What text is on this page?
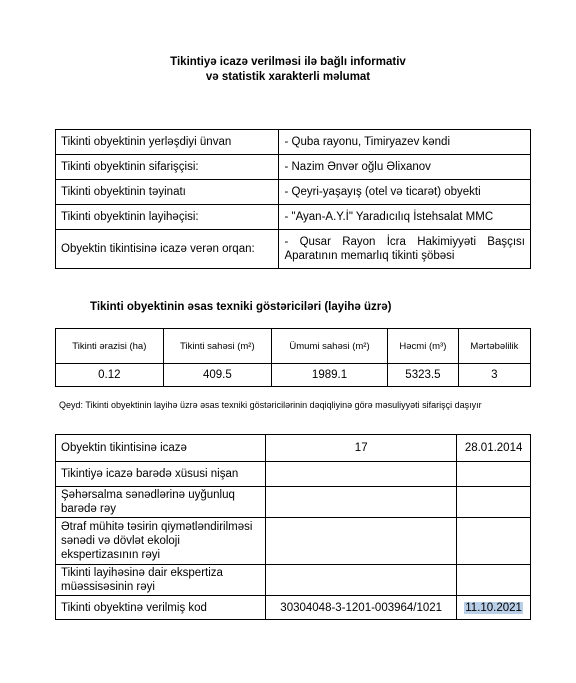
Tikintiyə icazə verilməsi ilə bağlı informativ
və statistik xarakterli məlumat
Tikinti obyektinin yerləşdiyi ünvan	- Quba rayonu, Timiryazev kəndi
Tikinti obyektinin sifarişçisi:	- Nazim Ənvər oğlu Əlixanov
Tikinti obyektinin təyinatı	- Qeyri-yaşayış (otel və ticarət) obyekti
Tikinti obyektinin layihəçisi:	- "Ayan-A.Y.İ" Yaradıcılıq İstehsalat MMC
Obyektin tikintisinə icazə verən orqan:	- Qusar Rayon İcra Hakimiyyəti Başçısı Aparatının memarlıq tikinti şöbəsi
Tikinti obyektinin əsas texniki göstəriciləri (layihə üzrə)
Tikinti ərazisi (ha)	Tikinti sahəsi (m²)	Ümumi sahəsi (m²)	Həcmi (m³)	Mərtəbəlilik
0.12	409.5	1989.1	5323.5	3
Qeyd: Tikinti obyektinin layihə üzrə əsas texniki göstəricilərinin dəqiqliyinə görə məsuliyyəti sifarişçi daşıyır
Obyektin tikintisinə icazə	17	28.01.2014
Tikintiyə icazə barədə xüsusi nişan		
Şəhərsalma sənədlərinə uyğunluq barədə rəy		
Ətraf mühitə təsirin qiymətləndirilməsi sənədi və dövlət ekoloji ekspertizasının rəyi		
Tikinti layihəsinə dair ekspertiza müəssisəsinin rəyi		
Tikinti obyektinə verilmiş kod	30304048-3-1201-003964/1021	11.10.2021
